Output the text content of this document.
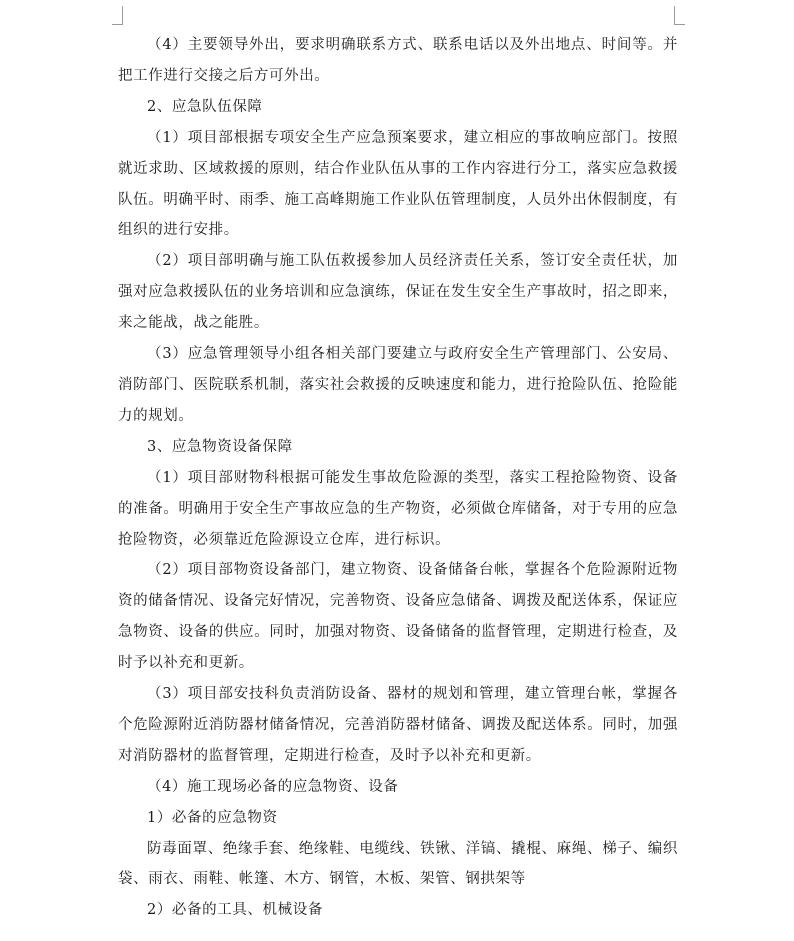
（4）主要领导外出，要求明确联系方式、联系电话以及外出地点、时间等。并把工作进行交接之后方可外出。

2、应急队伍保障

（1）项目部根据专项安全生产应急预案要求，建立相应的事故响应部门。按照就近求助、区域救援的原则，结合作业队伍从事的工作内容进行分工，落实应急救援队伍。明确平时、雨季、施工高峰期施工作业队伍管理制度，人员外出休假制度，有组织的进行安排。

（2）项目部明确与施工队伍救援参加人员经济责任关系，签订安全责任状，加强对应急救援队伍的业务培训和应急演练，保证在发生安全生产事故时，招之即来，来之能战，战之能胜。

（3）应急管理领导小组各相关部门要建立与政府安全生产管理部门、公安局、消防部门、医院联系机制，落实社会救援的反映速度和能力，进行抢险队伍、抢险能力的规划。

3、应急物资设备保障

（1）项目部财物科根据可能发生事故危险源的类型，落实工程抢险物资、设备的准备。明确用于安全生产事故应急的生产物资，必须做仓库储备，对于专用的应急抢险物资，必须靠近危险源设立仓库，进行标识。

（2）项目部物资设备部门，建立物资、设备储备台帐，掌握各个危险源附近物资的储备情况、设备完好情况，完善物资、设备应急储备、调拨及配送体系，保证应急物资、设备的供应。同时，加强对物资、设备储备的监督管理，定期进行检查，及时予以补充和更新。

（3）项目部安技科负责消防设备、器材的规划和管理，建立管理台帐，掌握各个危险源附近消防器材储备情况，完善消防器材储备、调拨及配送体系。同时，加强对消防器材的监督管理，定期进行检查，及时予以补充和更新。

（4）施工现场必备的应急物资、设备

1）必备的应急物资

防毒面罩、绝缘手套、绝缘鞋、电缆线、铁锹、洋镐、撬棍、麻绳、梯子、编织袋、雨衣、雨鞋、帐篷、木方、钢管，木板、架管、钢拱架等

2）必备的工具、机械设备
